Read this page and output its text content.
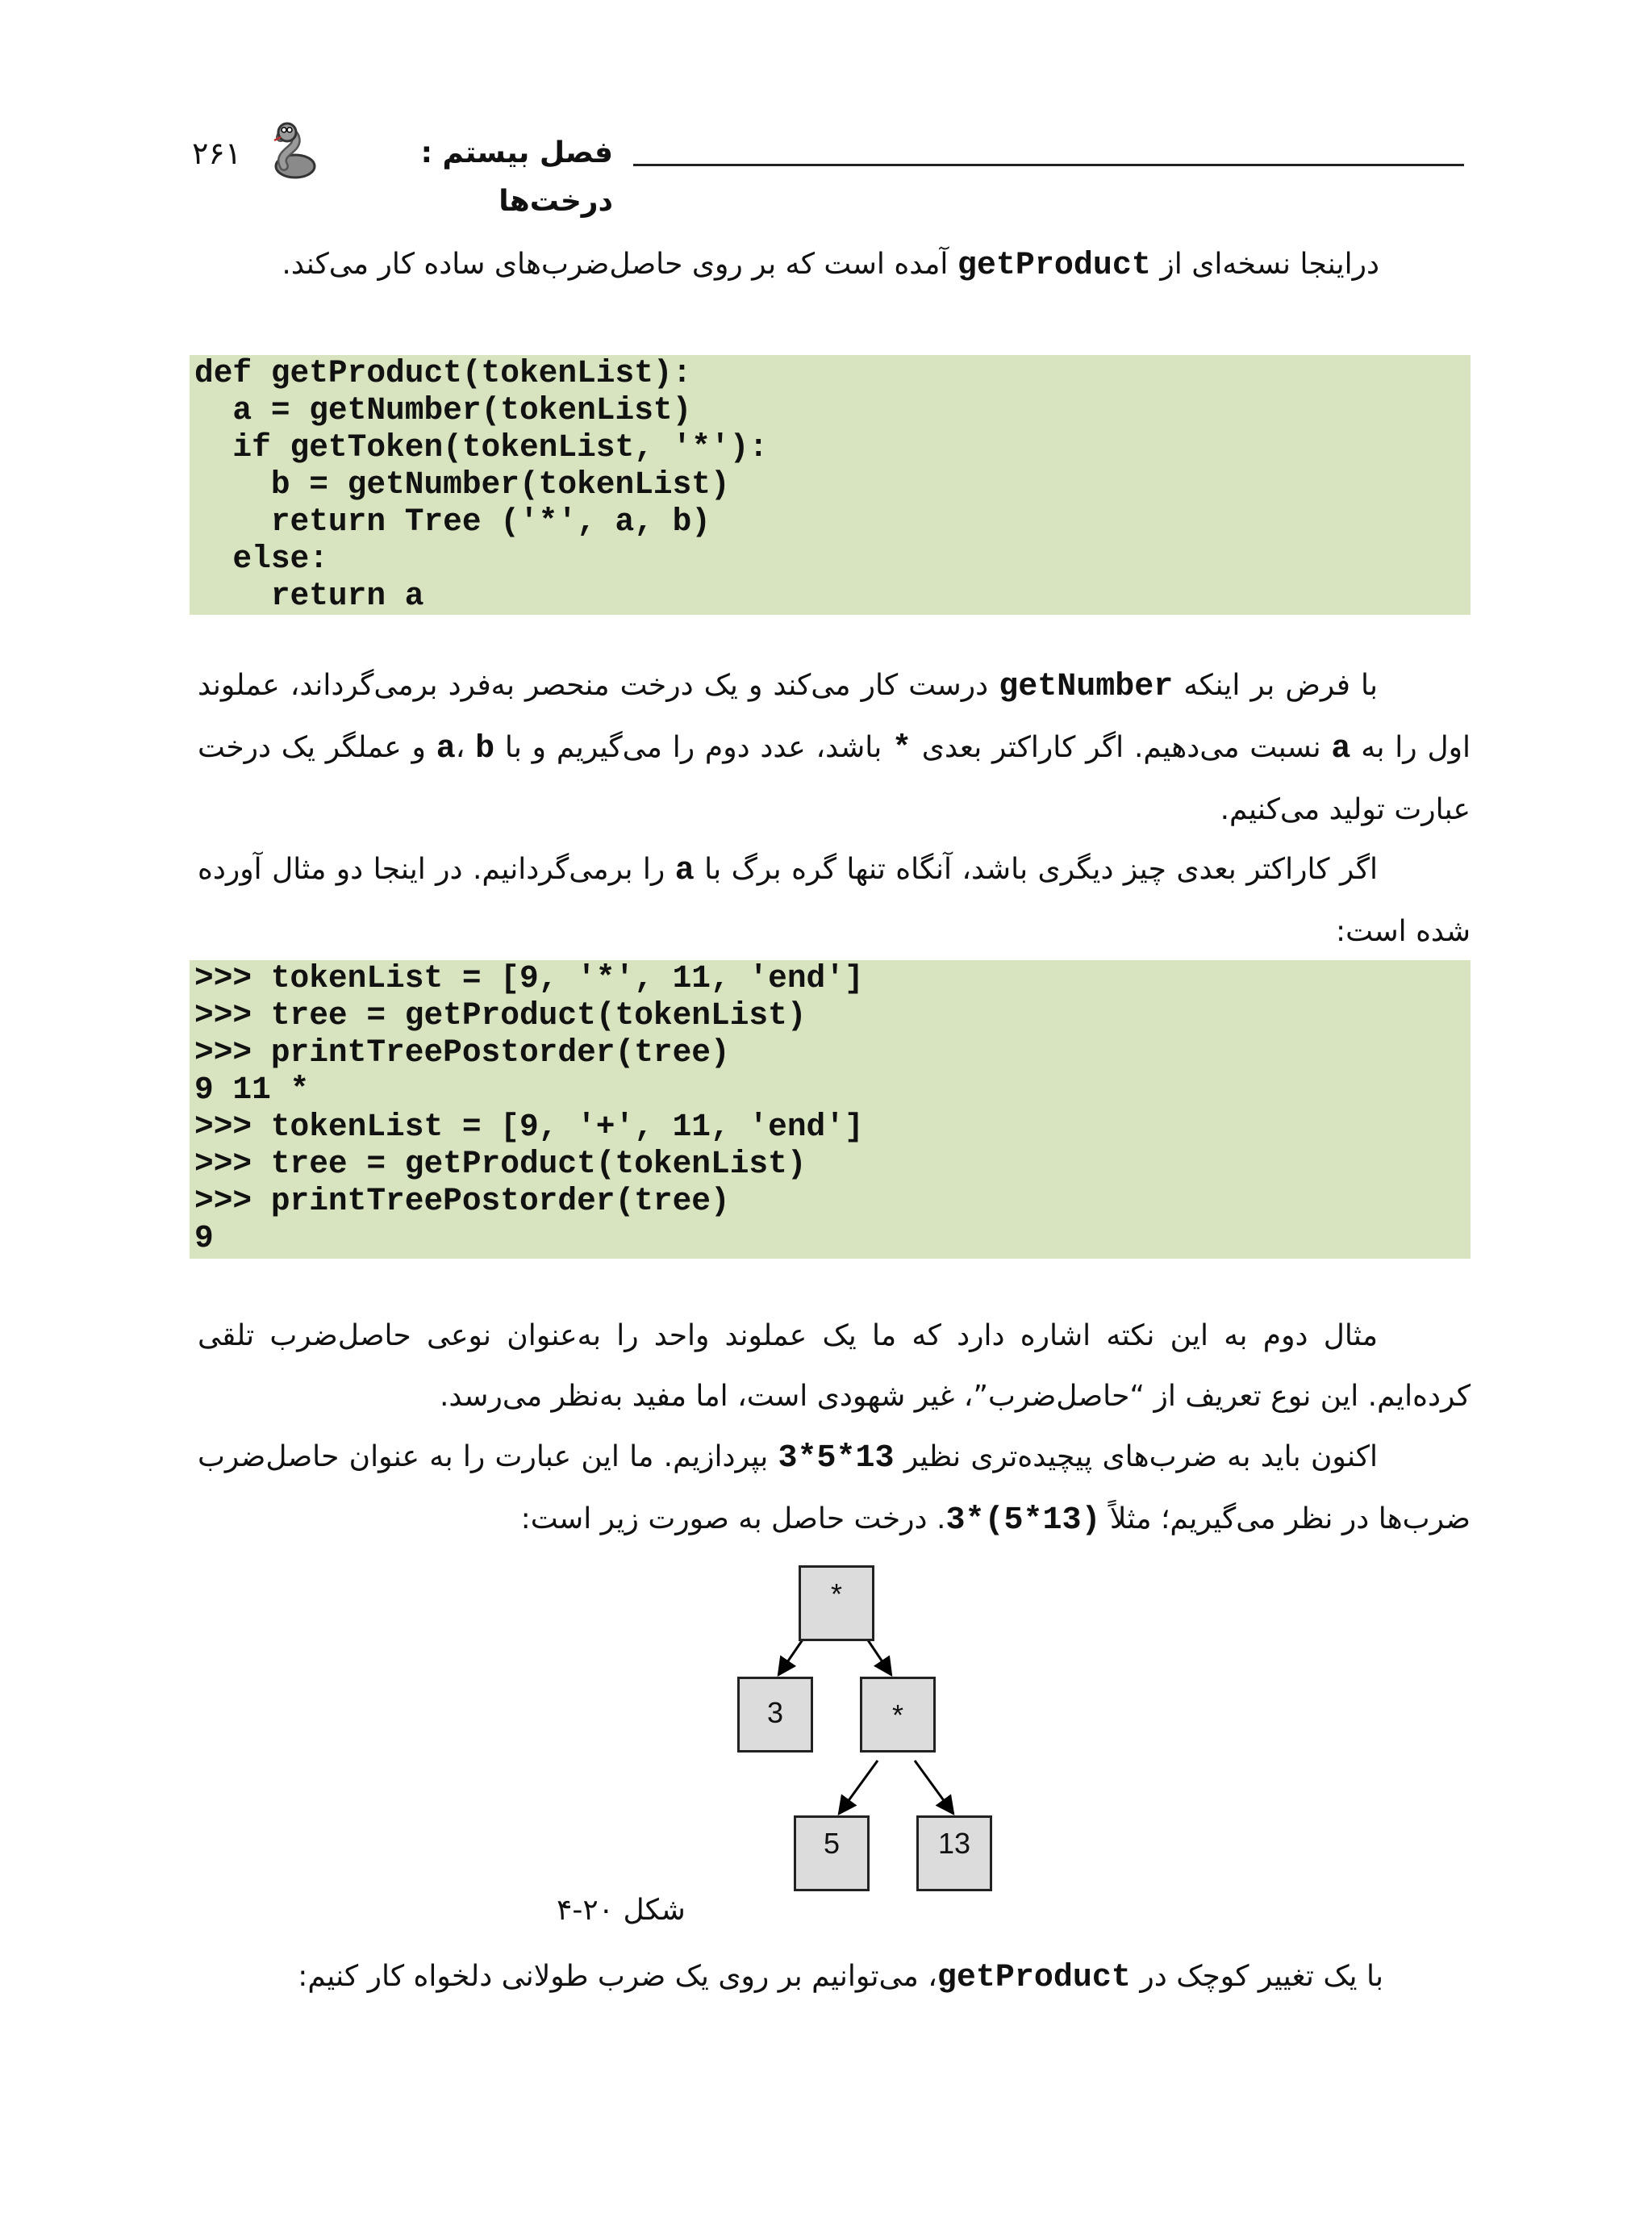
فصل بیستم : درخت‌ها
۲۶۱
دراینجا نسخه‌ای از getProduct آمده است که بر روی حاصل‌ضرب‌های ساده کار می‌کند.
def getProduct(tokenList):
a = getNumber(tokenList)
if getToken(tokenList, '*'):
b = getNumber(tokenList)
return Tree ('*', a, b)
else:
return a
با فرض بر اینکه getNumber درست کار می‌کند و یک درخت منحصر به‌فرد برمی‌گرداند، عملوند اول را به a نسبت می‌دهیم. اگر کاراکتر بعدی * باشد، عدد دوم را می‌گیریم و با a، b و عملگر یک درخت عبارت تولید می‌کنیم.
اگر کاراکتر بعدی چیز دیگری باشد، آنگاه تنها گره برگ با a را برمی‌گردانیم. در اینجا دو مثال آورده شده است:
>>> tokenList = [9, '*', 11, 'end']
>>> tree = getProduct(tokenList)
>>> printTreePostorder(tree)
9 11 *
>>> tokenList = [9, '+', 11, 'end']
>>> tree = getProduct(tokenList)
>>> printTreePostorder(tree)
9
مثال دوم به این نکته اشاره دارد که ما یک عملوند واحد را به‌عنوان نوعی حاصل‌ضرب تلقی کرده‌ایم. این نوع تعریف از “حاصل‌ضرب”، غیر شهودی است، اما مفید به‌نظر می‌رسد.
اکنون باید به ضرب‌های پیچیده‌تری نظیر 3*5*13 بپردازیم. ما این عبارت را به عنوان حاصل‌ضرب ضرب‌ها در نظر می‌گیریم؛ مثلاً 3*(5*13). درخت حاصل به صورت زیر است:
*
3	*
5	13
شکل ۲۰-۴
با یک تغییر کوچک در getProduct، می‌توانیم بر روی یک ضرب طولانی دلخواه کار کنیم:
